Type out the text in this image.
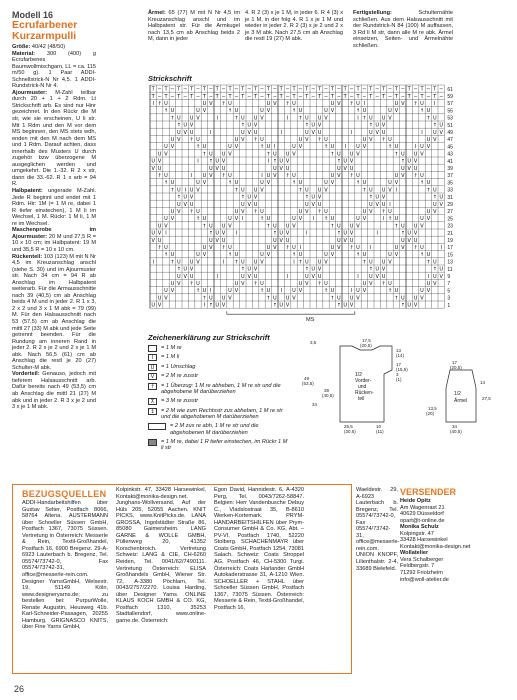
Modell 16
Ecrufarbener Kurzarmpulli
Größe: 40/42 (48/50)
Material: 300 (400) g Ecrufarbenes Baumwollmischgarn, LL = ca. 115 m/50 g). 1 Paar ADDI-Schnellstrick-N Nr 4,5. 1 ADDI-Rundstrick-N Nr 4.
Ajourmuster: M-Zahl teilbar durch 20 + 1 + 2 Rdm. Lt Strickschrift arb. Es sind nur Hinr gezeichnet. In den Rückr die M str, wie sie erscheinen, U li str. Mit 1 Rdm und den M vor dem MS beginnen, den MS stets wdh, enden mit den M nach dem MS und 1 Rdm. Darauf achten, dass innerhalb des Musters U durch zugehör bzw überzogene M ausgeglichen werden und umgekehrt. Die 1.-32. R 2 x str, dann die 33.-62. R 1 x arb = 94 R.
Halbpatent: ungerade M-Zahl. Jede R beginnt und endet mit 1 Rdm. Hir: 1M (= 1 M re, dabei 1 R tiefer einstechen), 1 M li im Wechsel, 1 M. Rückr: 1 M li, 1 M re im Wechsel.
Maschenprobe im Ajourmuster: 20 M und 27,5 R = 10 x 10 cm; im Halbpatent: 19 M und 35,5 R = 10 x 10 cm.
Rückenteil: 103 (123) M mit N Nr 4,5 im Kreuzanschlag anschl (siehe S. 30) und im Ajourmuster str. Nach 34 cm = 94 R ab Anschlag im Halbpatent weiterarb. Für die Armausschnitte nach 39 (40,5) cm ab Anschlag beids 4 M und in jeder 2. R 1 x 3, 2 x 2 und 3 x 1 M abk = 79 (99) M. Für den Halsausschnitt nach 53 (57,5) cm ab Anschlag die mittl 27 (33) M abk und jede Seite getrennt beenden. Für die Rundung am inneren Rand in jeder 2. R 2 x je 2 und 2 x je 1 M abk. Nach 56,5 (61) cm ab Anschlag die restl je 20 (27) Schulter-M abk.
Vorderteil: Genauso, jedoch mit tieferem Halsausschnitt arb. Dafür bereits nach 49 (53,5) cm ab Anschlag die mittl 21 (27) M abk und in jeder 2. R 3 x je 2 und 3 x je 1 M abk.
Ärmel: 65 (77) M mit N Nr 4,5 im Kreuzanschlag anschl und im Halbpatent str. Für die Armkugel nach 13,5 cm ab Anschlag beids 2 M, dann in jeder
4. R 2 (3) x je 1 M, in jeder 6. R 4 (3) x je 1 M, in der folg 4. R 1 x je 1 M und wieder in jeder 2. R 2 (3) x je 2 und 2 x je 3 M abk. Nach 27,5 cm ab Anschlag die restl 19 (27) M abk.
Fertigstellung: Schulternähte schließen. Aus dem Halsausschnitt mit der Rundstrick-N 84 (100) M auffassen, 3 Rd li M str, dann alle M re abk. Ärmel einsetzen, Seiten- und Ärmelnähte schließen.
Strickschrift
T − T − T − T − T − T − T − T − T − T − T − T − T − T − T − T − T − T − T − T − T − T − T −
T − T − T − T − T − T − T − T − T − T − T − T − T − T − T − T − T − T − T − T − T − T − T −
I ↑ U	U V ↑ U	U V ↑ U	U V ↑ U I	U V ↑ U I
↑ U	U V	↑ U	U V	↑ U	U V	↑ U	U V	↑ U
↑ U U V	I	↑ U U V	I ↑ U U V	I ↑ U U V	↑ U
↑ U V	↑ U V	↑ U V	↑ U V	↑ U
U V U	I	U V U	I	U V U	I	U V U	I U V
U V ↑ U	U V ↑ U	U V ↑ U	U V ↑ U	U V
U V	↑ U	U V	↑ U I	U V	↑ U I U V	↑ U	I U V
U V	↑ U U V	↑ U U V	↑ U U V	↑ U U V
U V	I ↑ U V	I ↑ U V	↑ U V	↑ U V
V U	U V U	U V U	U V U	U V U
↑ U	I U V ↑ U	I U V ↑ U	U V ↑ U	U V ↑ U
↑ U	U V	↑ U	U V	↑ U	U V	↑ U	U V	↑ U
↑ U I U V	↑ U U V	↑ U U V	↑ U U V I	↑ U
↑ U V	↑ U V	↑ U V	↑ U V	↑ U
U V U	U V U	U V U	U V U I	U V
U V ↑ U	U V ↑ U	U V ↑ U	U V ↑ U	U V
U V	↑ U	U V I	↑ U	U V I ↑ U	U V	I ↑ U	U V
U V	↑ U U V	↑ U U V	↑ U U V	↑ U U V
U V I	↑ U V I	↑ U V	I	↑ U V	I	↑ U V
V U	U V U	U V U	U V U	U V U
↑ U	U V ↑ U	U V ↑ U I	U V ↑ U I	U V ↑ U	I
↑ U	U V	↑ U	U V	↑ U	U V	↑ U	U V	↑ U
I	↑ U U V	I ↑ U U V	I ↑ U U V	↑ U U V	↑ U
↑ U V	↑ U V	↑ U V	↑ U V	↑ U
U V U	I	U V U	I	U V U	I U V U	I U V
U V ↑ U	U V ↑ U	U V ↑ U	U V ↑ U	U V
U V	↑ U I	U V	↑ U I U V	↑ U	I U V	↑ U	U V
U V	↑ U U V	↑ U U V	↑ U U V	↑ U U V
U V	I ↑ U V	↑ U V	↑ U V	↑ U V
61
59
57
55
53
51
49
47
45
43
41
39
37
35
33
31
29
27
25
23
21
19
17
15
13
11
9
7
5
3
1
MS
Zeichenerklärung zur Strickschrift
= 1 M re
I	= 1 M li
U	= 1 Umschlag
V	= 2 M re zusstr
↑	= 1 Überzug: 1 M re abheben, 1 M re str und die abgehobene M darüberziehen
⊼	= 3 M re zusstr
↕	= 2 M wie zum Rechtsstr zus abheben, 1 M re str und die abgehobenen M darüberziehen
= 2 M zus re abh, 1 M re str und die abgehobenen M darüberziehen
= 1 M re, dabei 1 R tiefer einstechen, im Rückr 1 M li str
1/2
Vorder-
und
Rücken-
teil
1/2
Ärmel
3,5	17,5
(20,5)
13
(14)
17
(15,5)
3
(1)
49
(53,5)
39
(40,5)
34
25,5
(30,5)
10
(11)
17
(20,5)
14
27,5
13,5
(20)
34
(40,5)
BEZUGSQUELLEN
ADDI-Handarbeitshilfen über Gustav Selter, Postfach 8066, 58764 Altena. AUSTERMANN über Schoeller Süssen GmbH, Postfach 1367, 73075 Süssen. Vertretung in Österreich: Messerle & Rein, Textil-Großhandel, Postfach 16, 6900 Bregenz. 29-A-6923 Lauterbach b. Bregenz, Tel. 05574/73742-0, Fax 05574/73742-31, office@messerle-rein.com. Designer YarnsGmbH, Welsestr. 19, 51149 Köln, www.designeryarns.de; zu bestellen bei: PurpurWolle, Renate Augustin, Heusweg 41b. Karl-Schneider-Passagen, 20255 Hamburg. GRIGNASCO KNITS, über Fine Yarns GmbH,
Kolpinkstr. 47, 33428 Harsewinkel, Kontakt@monika-design.net. Junghans-Wollversand, Auf der Hüls 205, 52055 Aachen. KNIT PICKS, www.KnitPicks.de. LANA GROSSA, Ingolstädter Straße 86, 85080 Gaimersheim. LANG GARNE & WOLLE GMBH, Püllenweg 20, 41352 Korschenbroich. Vertretung Schweiz: LANG & CIE, CH-6260 Reiden, Tel. 0041/62/7490111. Vertretung Österreich: ELISA Großhandels GmbH, Wiener Str. 72, A-3380 Pöchlarn, Tel. 0043/2757/2270. Louisa Harding, über Designer Yarns. ONLINE KLAUS KOCH GMBH & CO. KG, Postfach 1310, 35253 Stadtallendorf, www.online-garne.de. Österreich:
Egon David, Hannidestr. 6, A-4320 Perg, Tel. 0043/7262-58847. Belgien: Herr Vandenbusche Debuy C., Vladslostraat 35, B-8610 Werken-Kortemark. PRYM-HANDARBEITSHILFEN über Prym-Consumer GmbH & Co. KG, Abt. – PV-VI, Postfach 1740, 52220 Stolberg. SCHACHENMAYR über Coats GmbH, Postfach 1254, 73081 Salach. Schweiz: Coats Stroppel AG, Postfach 46, CH-5300 Turgi. Österreich: Coats Harlander GmbH Autokaderstrasse 31, A-1210 Wien. SCHOELLER + STAHL über Schoeller Süssen GmbH, Postfach 1367, 73075 Süssen. Österreich: Messerle & Rein, Textil-Großhandel, Postfach 16,
Waeldestr. 29, A-6923 Lauterbach b. Bregenz, Tel. 05574/73742-0, Fax 05574/73742-31, office@messerle-rein.com. UNION KNOPF, Lilienthalstr. 2-4, 33689 Bielefeld.
VERSENDER
Heide Opitz
Am Wagenrast 21
40629 Düsseldorf
opart@t-online.de
Monika Schulz
Kolpingstr. 47
33428 Harsewinkel
Kontakt@monika-design.net
Wollatelier
Vera Schalberger
Feldbergstr. 7
71292 Friolzheim
info@woll-atelier.de
26
